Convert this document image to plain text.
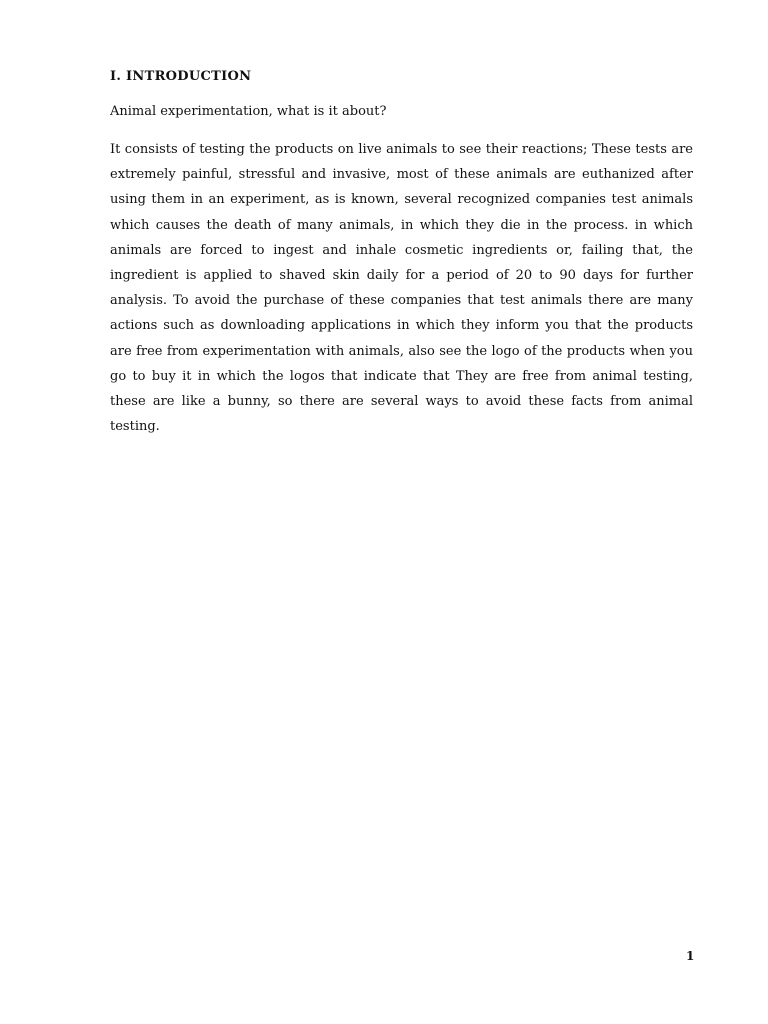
I. INTRODUCTION

Animal experimentation, what is it about?

It consists of testing the products on live animals to see their reactions; These tests are extremely painful, stressful and invasive, most of these animals are euthanized after using them in an experiment, as is known, several recognized companies test animals which causes the death of many animals, in which they die in the process. in which animals are forced to ingest and inhale cosmetic ingredients or, failing that, the ingredient is applied to shaved skin daily for a period of 20 to 90 days for further analysis. To avoid the purchase of these companies that test animals there are many actions such as downloading applications in which they inform you that the products are free from experimentation with animals, also see the logo of the products when you go to buy it in which the logos that indicate that They are free from animal testing, these are like a bunny, so there are several ways to avoid these facts from animal testing.

1
